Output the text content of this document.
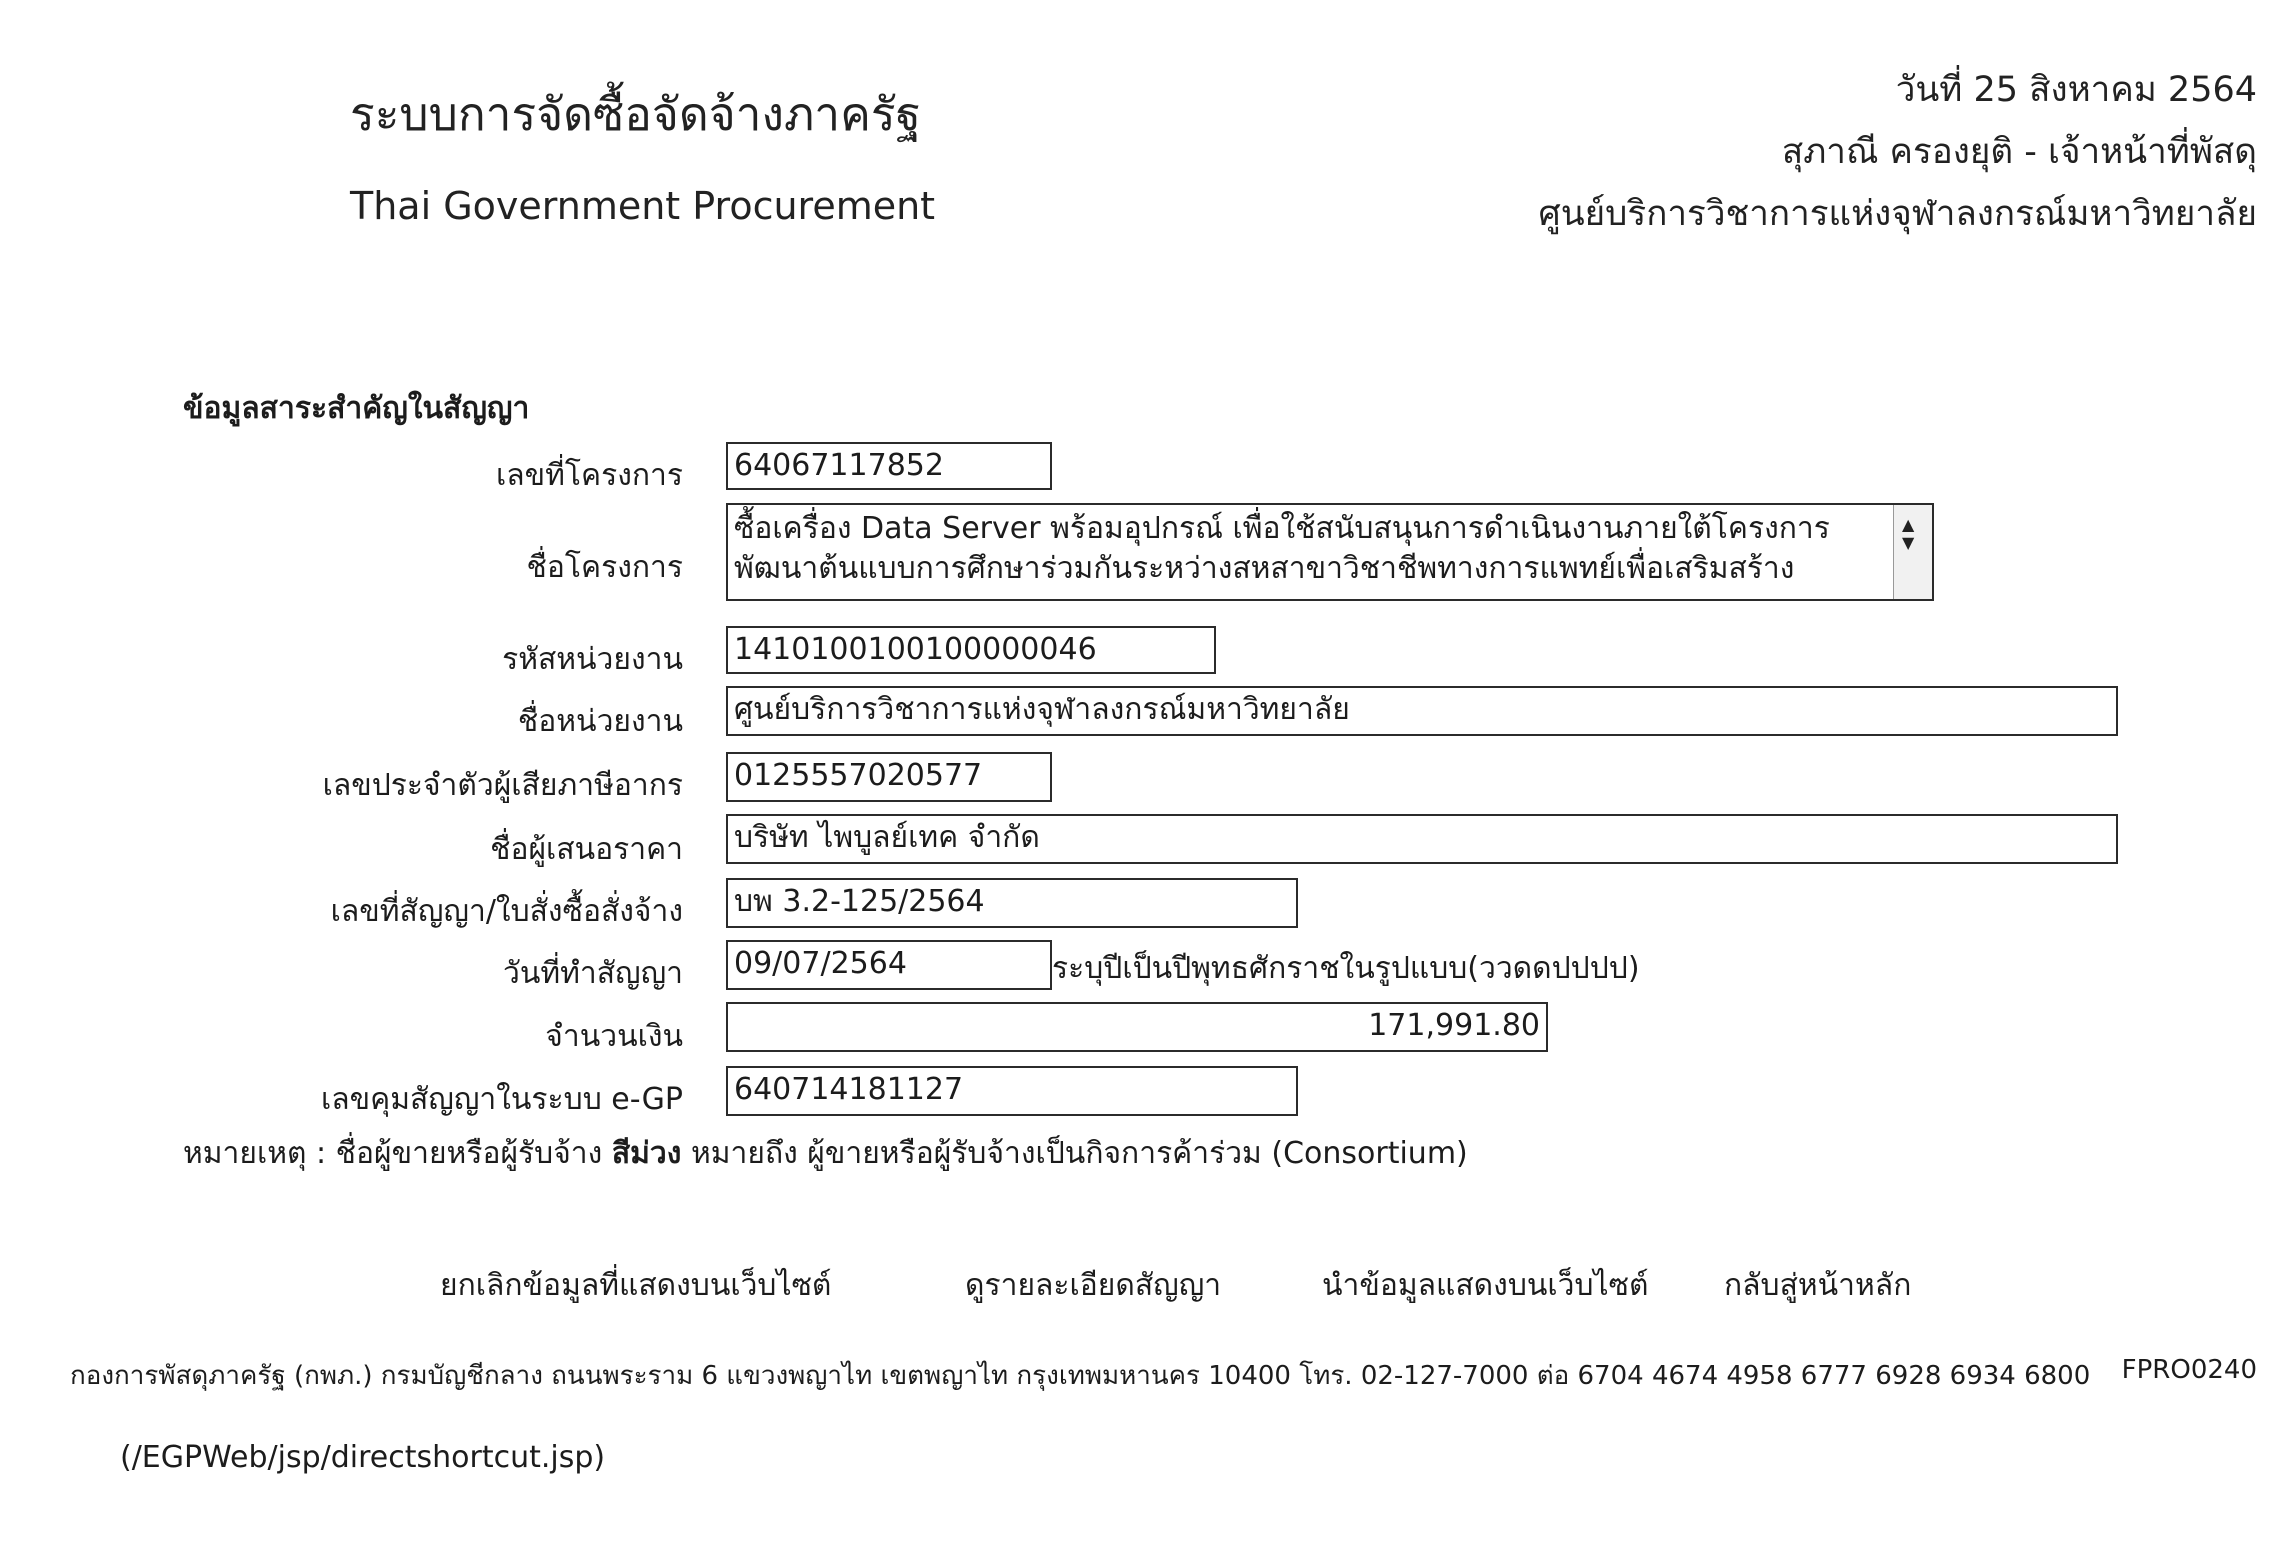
ระบบการจัดซื้อจัดจ้างภาครัฐ
Thai Government Procurement
วันที่ 25 สิงหาคม 2564
สุภาณี ครองยุติ - เจ้าหน้าที่พัสดุ
ศูนย์บริการวิชาการแห่งจุฬาลงกรณ์มหาวิทยาลัย
ข้อมูลสาระสำคัญในสัญญา
เลขที่โครงการ 64067117852
ชื่อโครงการ
ซื้อเครื่อง Data Server พร้อมอุปกรณ์ เพื่อใช้สนับสนุนการดำเนินงานภายใต้โครงการ พัฒนาต้นแบบการศึกษาร่วมกันระหว่างสหสาขาวิชาชีพทางการแพทย์เพื่อเสริมสร้าง
▲
▼
รหัสหน่วยงาน 1410100100100000046
ชื่อหน่วยงาน ศูนย์บริการวิชาการแห่งจุฬาลงกรณ์มหาวิทยาลัย
เลขประจำตัวผู้เสียภาษีอากร 0125557020577
ชื่อผู้เสนอราคา บริษัท ไพบูลย์เทค จำกัด
เลขที่สัญญา/ใบสั่งซื้อสั่งจ้าง บพ 3.2-125/2564
วันที่ทำสัญญา 09/07/2564	ระบุปีเป็นปีพุทธศักราชในรูปแบบ(ววดดปปปป)
จำนวนเงิน	171,991.80
เลขคุมสัญญาในระบบ e-GP 640714181127
หมายเหตุ : ชื่อผู้ขายหรือผู้รับจ้าง สีม่วง หมายถึง ผู้ขายหรือผู้รับจ้างเป็นกิจการค้าร่วม (Consortium)
ยกเลิกข้อมูลที่แสดงบนเว็บไซต์	ดูรายละเอียดสัญญา	นำข้อมูลแสดงบนเว็บไซต์	กลับสู่หน้าหลัก
กองการพัสดุภาครัฐ (กพภ.) กรมบัญชีกลาง ถนนพระราม 6 แขวงพญาไท เขตพญาไท กรุงเทพมหานคร 10400 โทร. 02-127-7000 ต่อ 6704 4674 4958 6777 6928 6934 6800 FPRO0240
(/EGPWeb/jsp/directshortcut.jsp)
